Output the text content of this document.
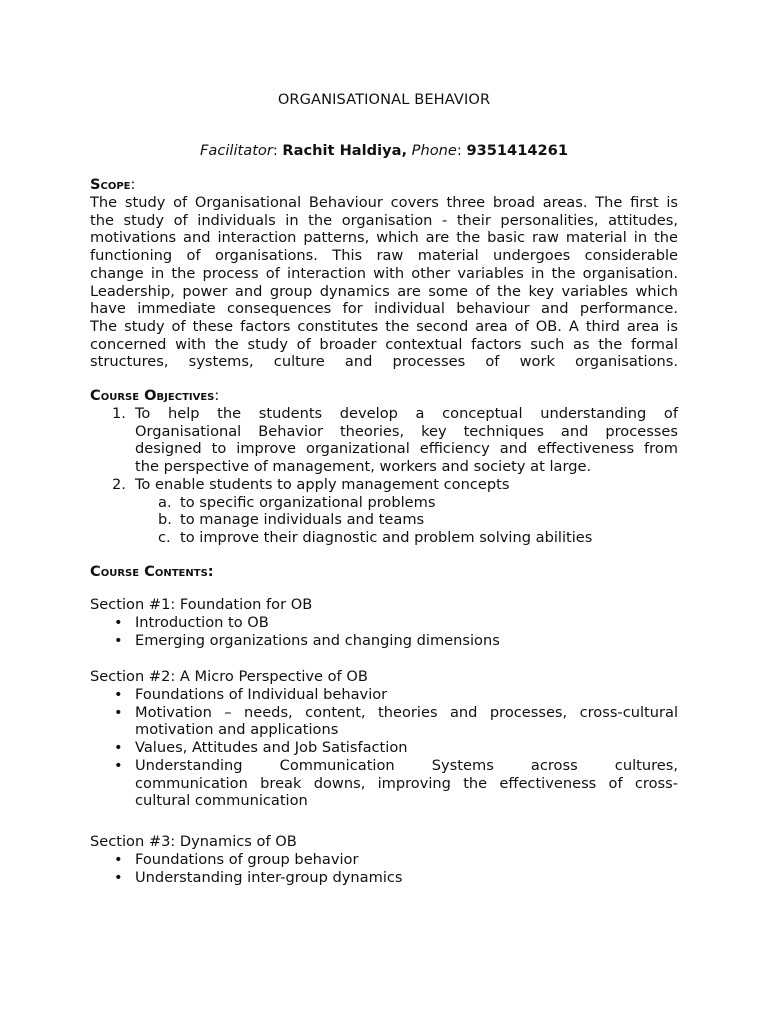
ORGANISATIONAL BEHAVIOR
Facilitator: Rachit Haldiya, Phone: 9351414261
Scope:
The study of Organisational Behaviour covers three broad areas. The first is
the study of individuals in the organisation - their personalities, attitudes,
motivations and interaction patterns, which are the basic raw material in the
functioning of organisations. This raw material undergoes considerable
change in the process of interaction with other variables in the organisation.
Leadership, power and group dynamics are some of the key variables which
have immediate consequences for individual behaviour and performance.
The study of these factors constitutes the second area of OB. A third area is
concerned with the study of broader contextual factors such as the formal
structures, systems, culture and processes of work organisations.
Course Objectives:
1. To help the students develop a conceptual understanding of
Organisational Behavior theories, key techniques and processes
designed to improve organizational efficiency and effectiveness from
the perspective of management, workers and society at large.
2. To enable students to apply management concepts
a. to specific organizational problems
b. to manage individuals and teams
c. to improve their diagnostic and problem solving abilities
Course Contents:
Section #1: Foundation for OB
• Introduction to OB
• Emerging organizations and changing dimensions
Section #2: A Micro Perspective of OB
• Foundations of Individual behavior
• Motivation – needs, content, theories and processes, cross-cultural
motivation and applications
• Values, Attitudes and Job Satisfaction
• Understanding Communication Systems across cultures,
communication break downs, improving the effectiveness of cross-
cultural communication
Section #3: Dynamics of OB
• Foundations of group behavior
• Understanding inter-group dynamics
